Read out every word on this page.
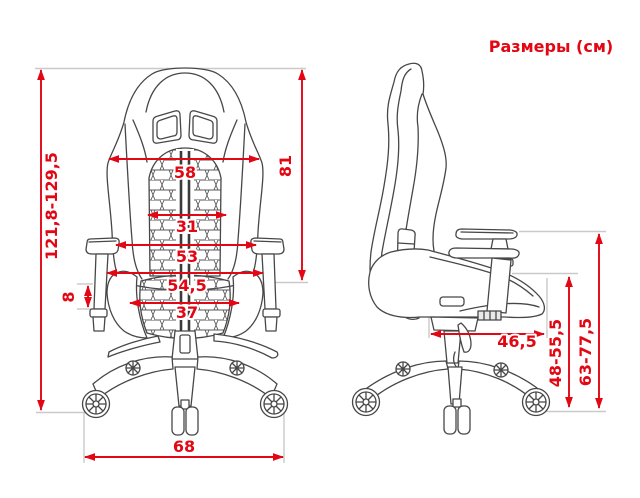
58
31
53
54,5
37
68
8
121,8-129,5	81
46,5 48-55,5 63-77,5
Размеры (см)
